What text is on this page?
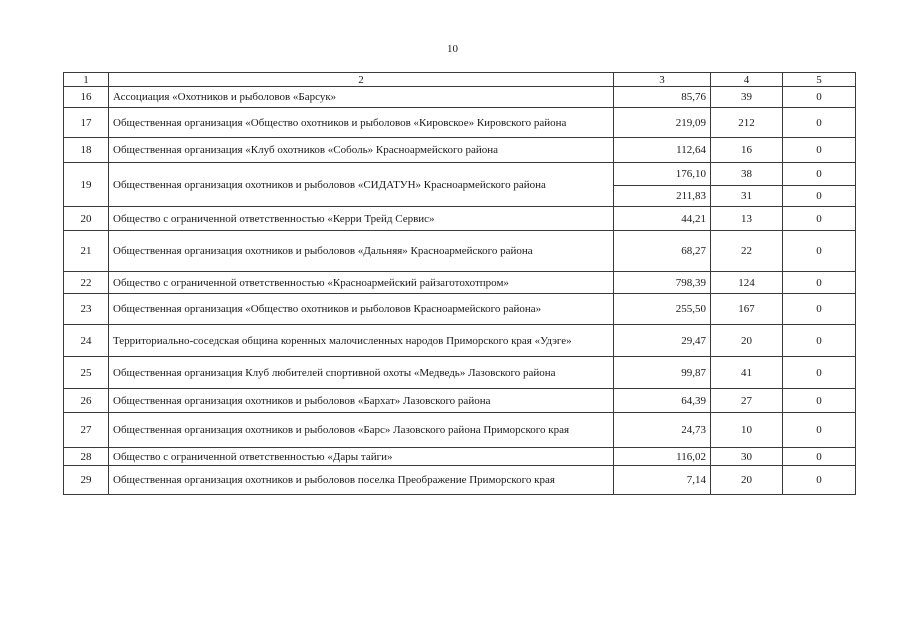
10
1	2	3	4	5
16	Ассоциация «Охотников и рыболовов «Барсук»	85,76	39	0
17	Общественная организация «Общество охотников и рыболовов «Кировское» Кировского района	219,09	212	0
18	Общественная организация «Клуб охотников «Соболь» Красноармейского района	112,64	16	0
19	Общественная организация охотников и рыболовов «СИДАТУН» Красноармейского района	176,10	38	0
		211,83	31	0
20	Общество с ограниченной ответственностью «Керри Трейд Сервис»	44,21	13	0
21	Общественная организация охотников и рыболовов «Дальняя» Красноармейского района	68,27	22	0
22	Общество с ограниченной ответственностью «Красноармейский райзаготохотпром»	798,39	124	0
23	Общественная организация «Общество охотников и рыболовов Красноармейского района»	255,50	167	0
24	Территориально-соседская община коренных малочисленных народов Приморского края «Удэге»	29,47	20	0
25	Общественная организация Клуб любителей спортивной охоты «Медведь» Лазовского района	99,87	41	0
26	Общественная организация охотников и рыболовов «Бархат» Лазовского района	64,39	27	0
27	Общественная организация охотников и рыболовов «Барс» Лазовского района Приморского края	24,73	10	0
28	Общество с ограниченной ответственностью «Дары тайги»	116,02	30	0
29	Общественная организация охотников и рыболовов поселка Преображение Приморского края	7,14	20	0
